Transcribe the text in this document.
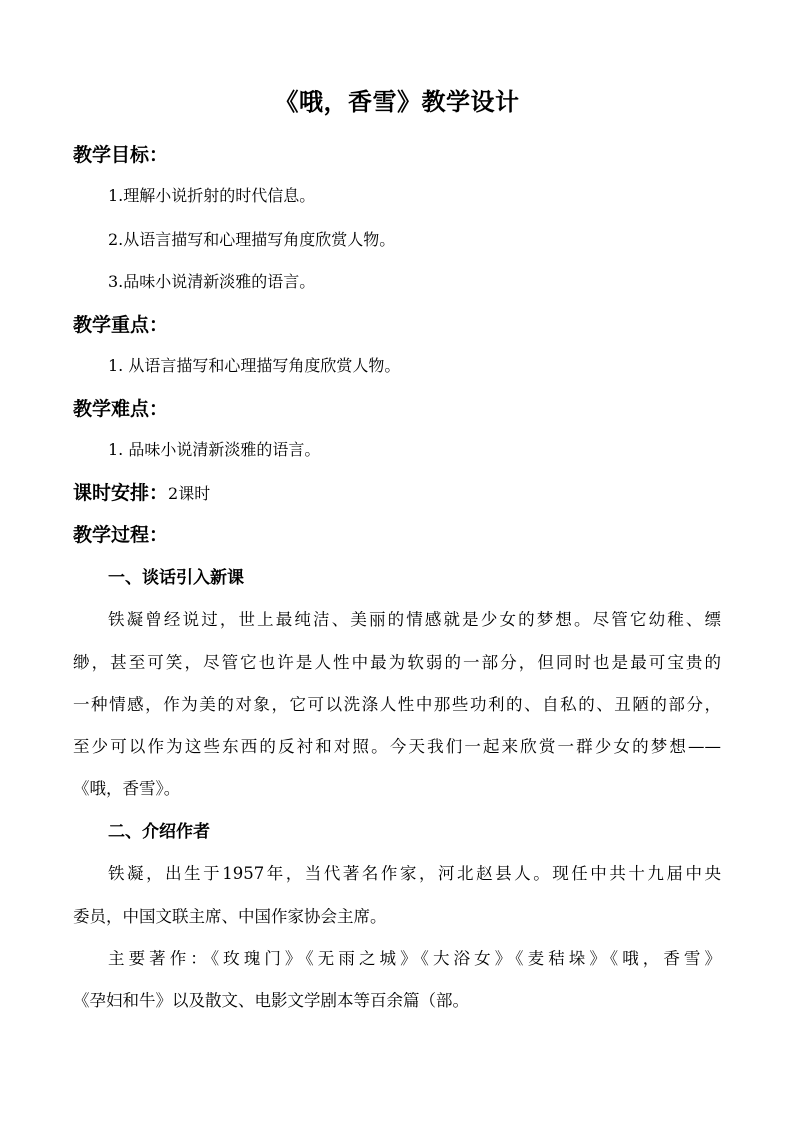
《哦，香雪》教学设计
教学目标：
1.理解小说折射的时代信息。
2.从语言描写和心理描写角度欣赏人物。
3.品味小说清新淡雅的语言。
教学重点：
1. 从语言描写和心理描写角度欣赏人物。
教学难点：
1. 品味小说清新淡雅的语言。
课时安排：2课时
教学过程：
一、谈话引入新课
铁凝曾经说过，世上最纯洁、美丽的情感就是少女的梦想。尽管它幼稚、缥
缈，甚至可笑，尽管它也许是人性中最为软弱的一部分，但同时也是最可宝贵的
一种情感，作为美的对象，它可以洗涤人性中那些功利的、自私的、丑陋的部分，
至少可以作为这些东西的反衬和对照。今天我们一起来欣赏一群少女的梦想——
《哦，香雪》。
二、介绍作者
铁凝，出生于1957年，当代著名作家，河北赵县人。现任中共十九届中央
委员，中国文联主席、中国作家协会主席。
主要著作：《玫瑰门》《无雨之城》《大浴女》《麦秸垛》《哦，香雪》
《孕妇和牛》以及散文、电影文学剧本等百余篇（部。
